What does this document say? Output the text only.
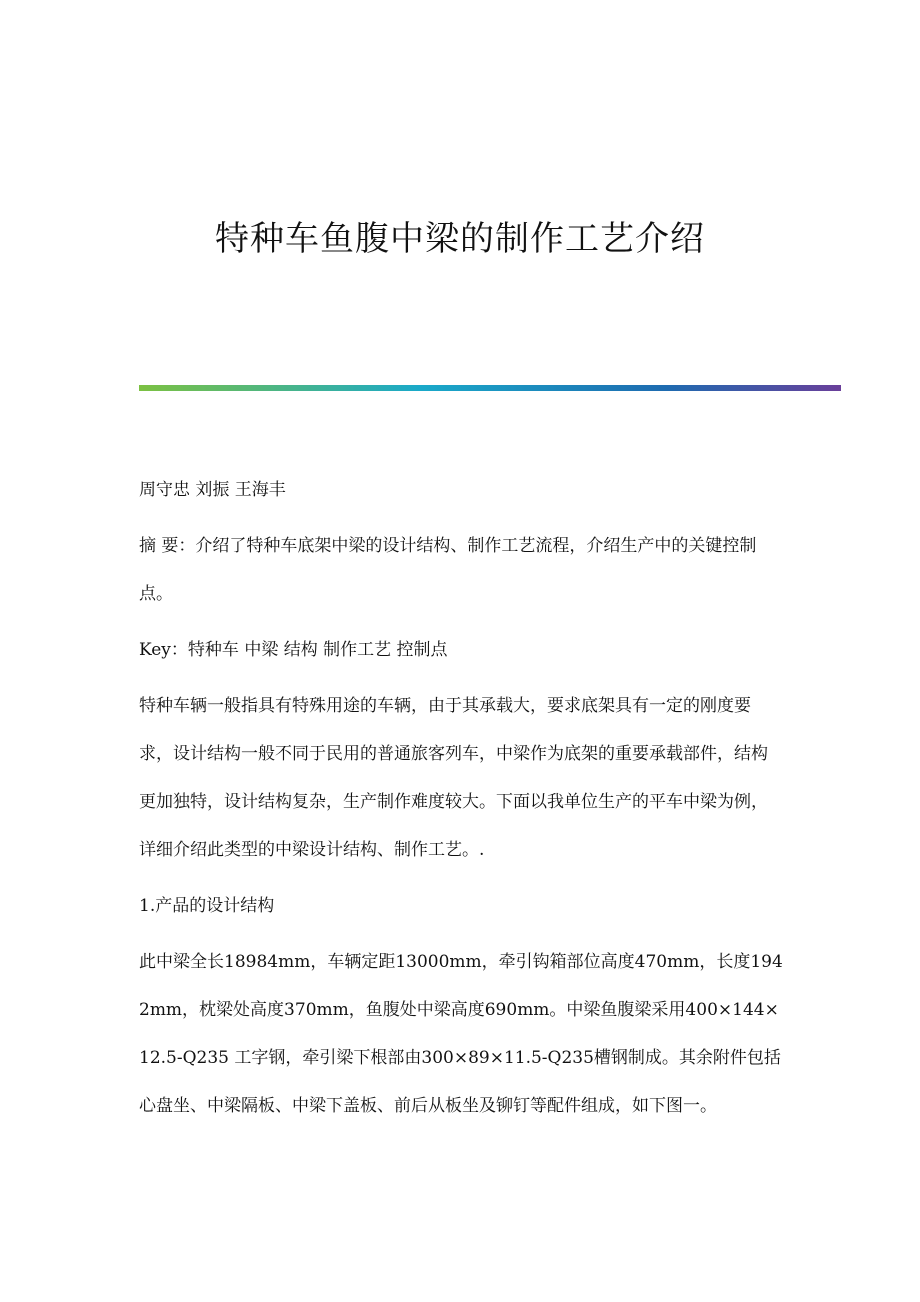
特种车鱼腹中梁的制作工艺介绍

周守忠 刘振 王海丰

摘 要：介绍了特种车底架中梁的设计结构、制作工艺流程，介绍生产中的关键控制点。

Key：特种车 中梁 结构 制作工艺 控制点

特种车辆一般指具有特殊用途的车辆，由于其承载大，要求底架具有一定的刚度要求，设计结构一般不同于民用的普通旅客列车，中梁作为底架的重要承载部件，结构更加独特，设计结构复杂，生产制作难度较大。下面以我单位生产的平车中梁为例，详细介绍此类型的中梁设计结构、制作工艺。.

1.产品的设计结构

此中梁全长18984mm，车辆定距13000mm，牵引钩箱部位高度470mm，长度1942mm，枕梁处高度370mm，鱼腹处中梁高度690mm。中梁鱼腹梁采用400×144×12.5-Q235 工字钢，牵引梁下根部由300×89×11.5-Q235槽钢制成。其余附件包括心盘坐、中梁隔板、中梁下盖板、前后从板坐及铆钉等配件组成，如下图一。
